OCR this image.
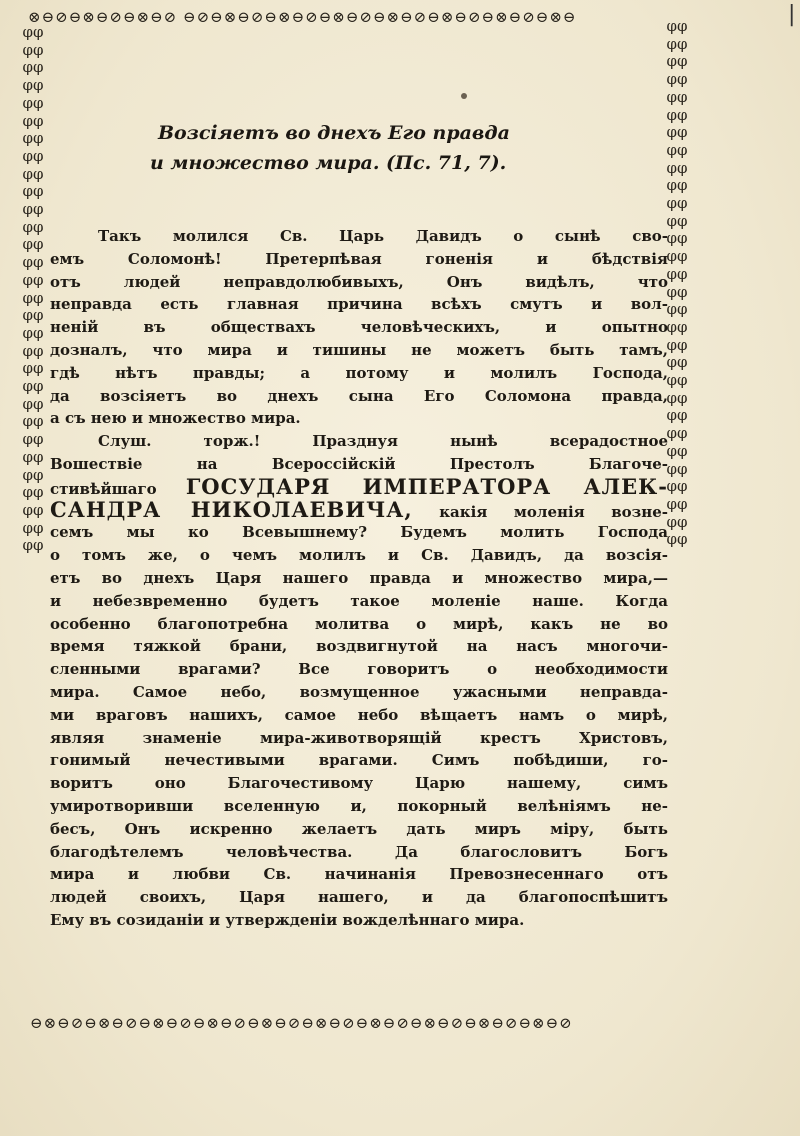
⊗⊖⊘⊖⊗⊖⊘⊖⊗⊖⊘ ⊖⊘⊖⊗⊖⊘⊖⊗⊖⊘⊖⊗⊖⊘⊖⊗⊖⊘⊖⊗⊖⊘⊖⊗⊖⊘⊖⊗⊖
⊖⊗⊖⊘⊖⊗⊖⊘⊖⊗⊖⊘⊖⊗⊖⊘⊖⊗⊖⊘⊖⊗⊖⊘⊖⊗⊖⊘⊖⊗⊖⊘⊖⊗⊖⊘⊖⊗⊖⊘
φφφφφφφφφφφφφφφφφφφφφφφφφφφφφφφφφφφφφφφφφφφφφφφφφφφφφφφφφφφφ
φφφφφφφφφφφφφφφφφφφφφφφφφφφφφφφφφφφφφφφφφφφφφφφφφφφφφφφφφφφφ
|
Возсіяетъ во днехъ Его правда
и множество мира. (Пс. 71, 7).
Такъ молился Св. Царь Давидъ о сынѣ сво-
емъ Соломонѣ! Претерпѣвая гоненія и бѣдствія
отъ людей неправдолюбивыхъ, Онъ видѣлъ, что
неправда есть главная причина всѣхъ смутъ и вол-
неній въ обществахъ человѣческихъ, и опытно
дозналъ, что мира и тишины не можетъ быть тамъ,
гдѣ нѣтъ правды; а потому и молилъ Господа,
да возсіяетъ во днехъ сына Его Соломона правда,
а съ нею и множество мира.
Слуш. торж.! Празднуя нынѣ всерадостное
Вошествіе на Всероссійскій Престолъ Благоче-
стивѣйшаго ГОСУДАРЯ ИМПЕРАТОРА АЛЕК-
САНДРА НИКОЛАЕВИЧА, какія моленія возне-
семъ мы ко Всевышнему? Будемъ молить Господа
о томъ же, о чемъ молилъ и Св. Давидъ, да возсія-
етъ во днехъ Царя нашего правда и множество мира,—
и небезвременно будетъ такое моленіе наше. Когда
особенно благопотребна молитва о мирѣ, какъ не во
время тяжкой брани, воздвигнутой на насъ многочи-
сленными врагами? Все говоритъ о необходимости
мира. Самое небо, возмущенное ужасными неправда-
ми враговъ нашихъ, самое небо вѣщаетъ намъ о мирѣ,
являя знаменіе мира-животворящій крестъ Христовъ,
гонимый нечестивыми врагами. Симъ побѣдиши, го-
воритъ оно Благочестивому Царю нашему, симъ
умиротворивши вселенную и, покорный велѣніямъ не-
бесъ, Онъ искренно желаетъ дать миръ міру, быть
благодѣтелемъ человѣчества. Да благословитъ Богъ
мира и любви Св. начинанія Превознесеннаго отъ
людей своихъ, Царя нашего, и да благопоспѣшитъ
Ему въ созиданіи и утвержденіи вожделѣннаго мира.
